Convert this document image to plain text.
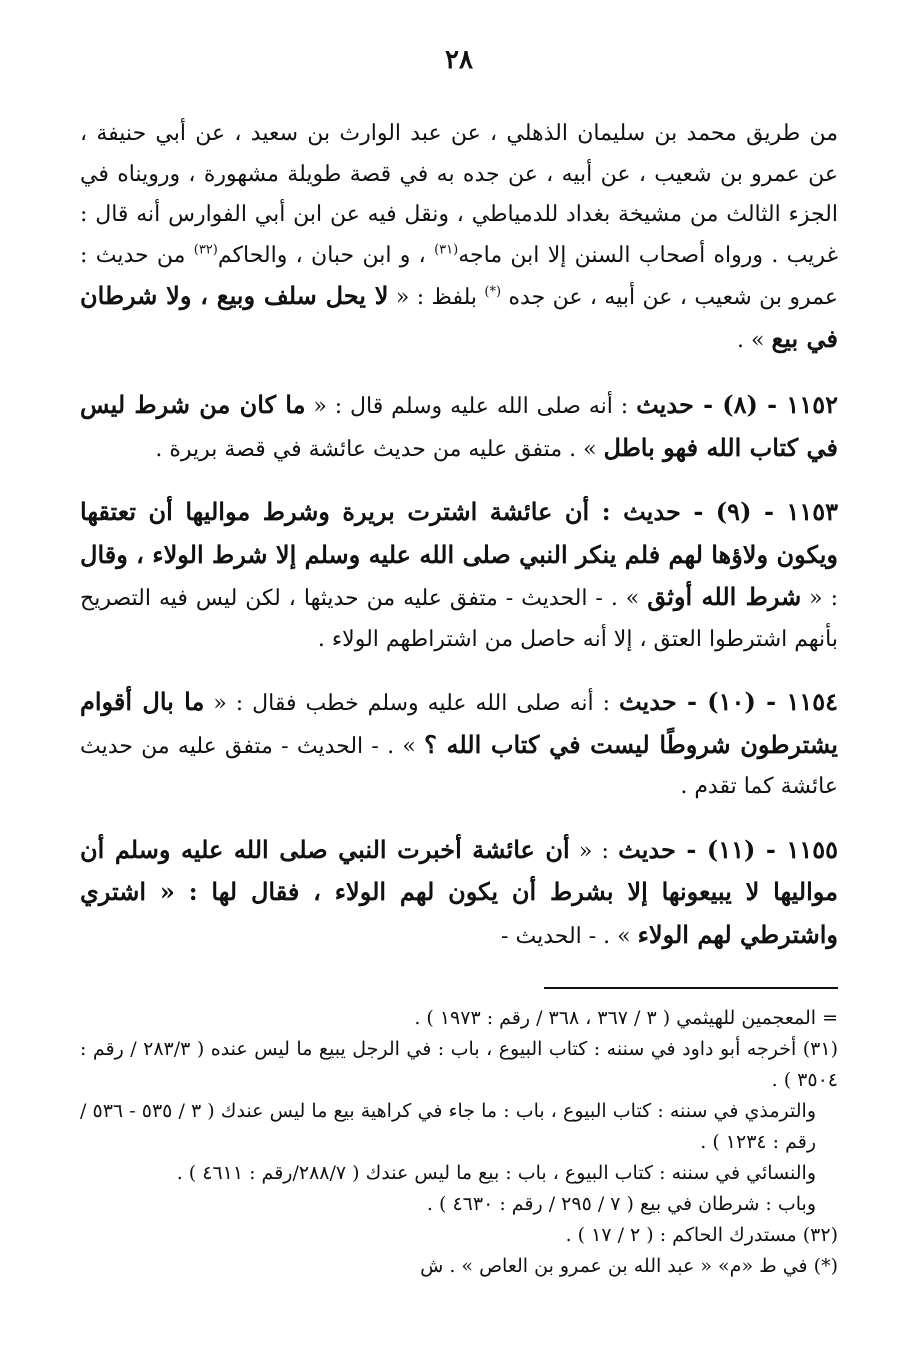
٢٨

من طريق محمد بن سليمان الذهلي ، عن عبد الوارث بن سعيد ، عن أبي حنيفة ، عن عمرو بن شعيب ، عن أبيه ، عن جده به في قصة طويلة مشهورة ، ورويناه في الجزء الثالث من مشيخة بغداد للدمياطي ، ونقل فيه عن ابن أبي الفوارس أنه قال : غريب . ورواه أصحاب السنن إلا ابن ماجه$^{(٣١)}$ ، و ابن حبان ، والحاكم$^{(٣٢)}$ من حديث : عمرو بن شعيب ، عن أبيه ، عن جده (*) بلفظ : « لا يحل سلف وبيع ، ولا شرطان في بيع » .

١١٥٢ - (٨) - حديث : أنه صلى الله عليه وسلم قال : « ما كان من شرط ليس في كتاب الله فهو باطل » . متفق عليه من حديث عائشة في قصة بريرة .

١١٥٣ - (٩) - حديث : أن عائشة اشترت بريرة وشرط مواليها أن تعتقها ويكون ولاؤها لهم فلم ينكر النبي صلى الله عليه وسلم إلا شرط الولاء ، وقال : « شرط الله أوثق » . - الحديث - متفق عليه من حديثها ، لكن ليس فيه التصريح بأنهم اشترطوا العتق ، إلا أنه حاصل من اشتراطهم الولاء .

١١٥٤ - (١٠) - حديث : أنه صلى الله عليه وسلم خطب فقال : « ما بال أقوام يشترطون شروطًا ليست في كتاب الله ؟ » . - الحديث - متفق عليه من حديث عائشة كما تقدم .

١١٥٥ - (١١) - حديث : « أن عائشة أخبرت النبي صلى الله عليه وسلم أن مواليها لا يبيعونها إلا بشرط أن يكون لهم الولاء ، فقال لها : « اشتري واشترطي لهم الولاء » . - الحديث -

= المعجمين للهيثمي ( ٣ / ٣٦٧ ، ٣٦٨ / رقم : ١٩٧٣ ) .

(٣١) أخرجه أبو داود في سننه : كتاب البيوع ، باب : في الرجل يبيع ما ليس عنده ( ٢٨٣/٣ / رقم : ٣٥٠٤ ) .

والترمذي في سننه : كتاب البيوع ، باب : ما جاء في كراهية بيع ما ليس عندك ( ٣ / ٥٣٥ - ٥٣٦ / رقم : ١٢٣٤ ) .

والنسائي في سننه : كتاب البيوع ، باب : بيع ما ليس عندك ( ٢٨٨/٧/رقم : ٤٦١١ ) .

وباب : شرطان في بيع ( ٧ / ٢٩٥ / رقم : ٤٦٣٠ ) .

(٣٢) مستدرك الحاكم : ( ٢ / ١٧ ) .

(*) في ط «م» « عبد الله بن عمرو بن العاص » . ش
